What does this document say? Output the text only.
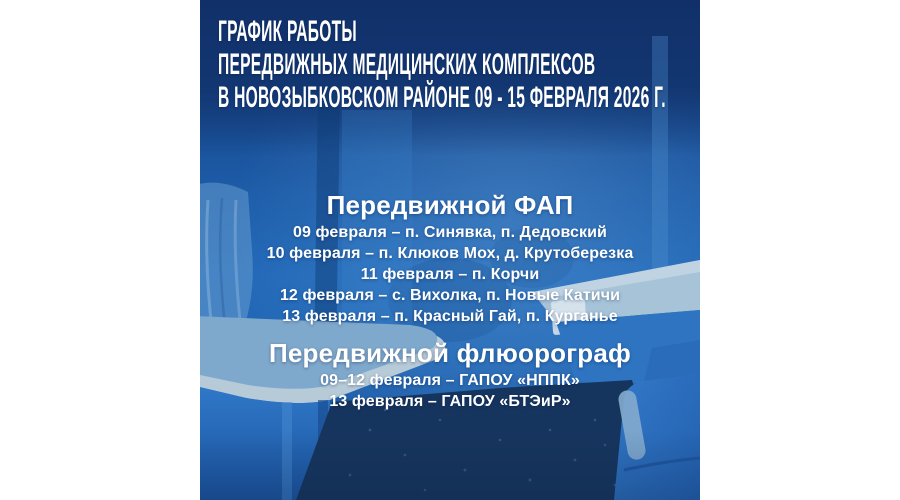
ГРАФИК РАБОТЫ
ПЕРЕДВИЖНЫХ МЕДИЦИНСКИХ КОМПЛЕКСОВ
В НОВОЗЫБКОВСКОМ РАЙОНЕ 09 - 15 ФЕВРАЛЯ 2026 Г.
Передвижной ФАП
09 февраля – п. Синявка, п. Дедовский
10 февраля – п. Клюков Мох, д. Крутоберезка
11 февраля – п. Корчи
12 февраля – с. Вихолка, п. Новые Катичи
13 февраля – п. Красный Гай, п. Курганье
Передвижной флюорограф
09–12 февраля – ГАПОУ «НППК»
13 февраля – ГАПОУ «БТЭиР»
